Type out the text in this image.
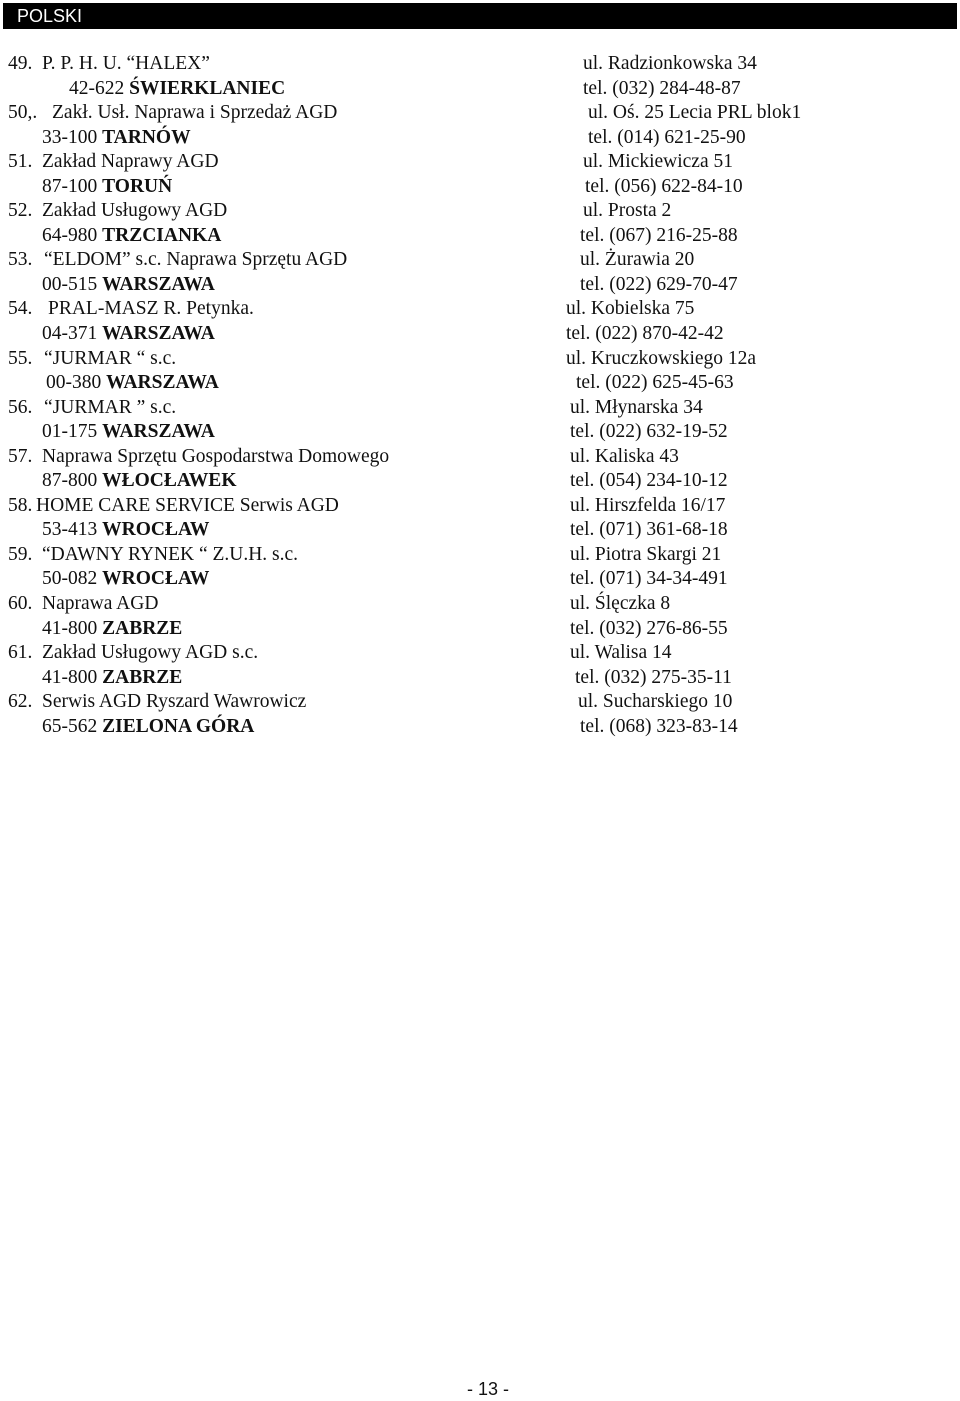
POLSKI
49. P. P. H. U. “HALEX”	ul. Radzionkowska 34
42-622 ŚWIERKLANIEC	tel. (032) 284-48-87
50,. Zakł. Usł. Naprawa i Sprzedaż AGD	ul. Oś. 25 Lecia PRL blok1
33-100 TARNÓW	tel. (014) 621-25-90
51. Zakład Naprawy AGD	ul. Mickiewicza 51
87-100 TORUŃ	tel. (056) 622-84-10
52. Zakład Usługowy AGD	ul. Prosta 2
64-980 TRZCIANKA	tel. (067) 216-25-88
53. “ELDOM” s.c. Naprawa Sprzętu AGD	ul. Żurawia 20
00-515 WARSZAWA	tel. (022) 629-70-47
54. PRAL-MASZ R. Petynka.	ul. Kobielska 75
04-371 WARSZAWA	tel. (022) 870-42-42
55. “JURMAR “ s.c.	ul. Kruczkowskiego 12a
00-380 WARSZAWA	tel. (022) 625-45-63
56. “JURMAR ” s.c.	ul. Młynarska 34
01-175 WARSZAWA	tel. (022) 632-19-52
57. Naprawa Sprzętu Gospodarstwa Domowego	ul. Kaliska 43
87-800 WŁOCŁAWEK	tel. (054) 234-10-12
58. HOME CARE SERVICE Serwis AGD	ul. Hirszfelda 16/17
53-413 WROCŁAW	tel. (071) 361-68-18
59. “DAWNY RYNEK “ Z.U.H. s.c.	ul. Piotra Skargi 21
50-082 WROCŁAW	tel. (071) 34-34-491
60. Naprawa AGD	ul. Ślęczka 8
41-800 ZABRZE	tel. (032) 276-86-55
61. Zakład Usługowy AGD s.c.	ul. Walisa 14
41-800 ZABRZE	tel. (032) 275-35-11
62. Serwis AGD Ryszard Wawrowicz	ul. Sucharskiego 10
65-562 ZIELONA GÓRA	tel. (068) 323-83-14
- 13 -
